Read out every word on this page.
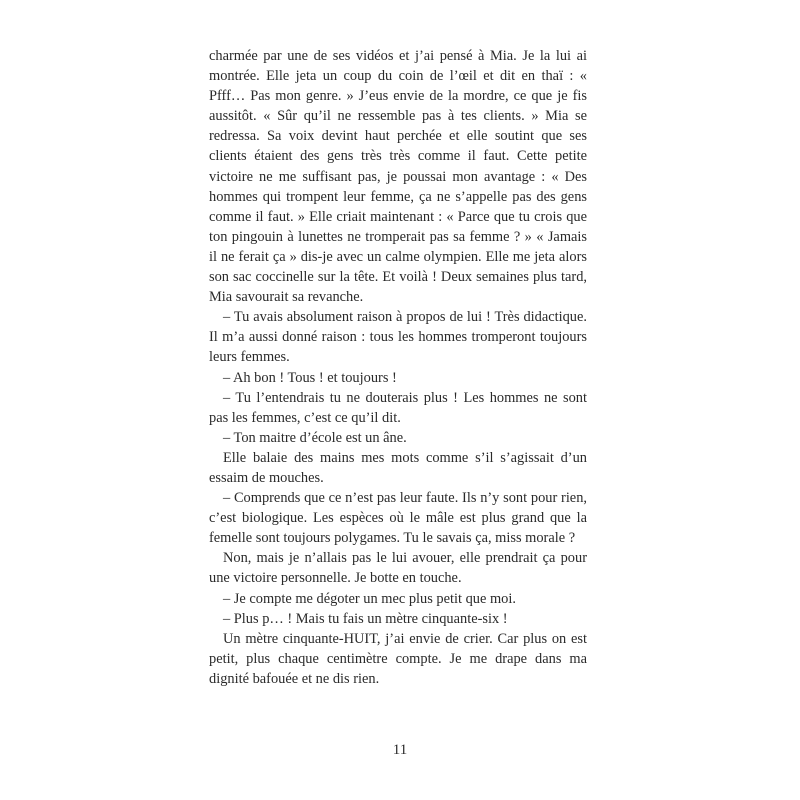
charmée par une de ses vidéos et j’ai pensé à Mia. Je la lui ai montrée. Elle jeta un coup du coin de l’œil et dit en thaï : « Pfff… Pas mon genre. » J’eus envie de la mordre, ce que je fis aussitôt. « Sûr qu’il ne ressemble pas à tes clients. » Mia se redressa. Sa voix devint haut perchée et elle soutint que ses clients étaient des gens très très comme il faut. Cette petite victoire ne me suffisant pas, je poussai mon avantage : « Des hommes qui trompent leur femme, ça ne s’appelle pas des gens comme il faut. » Elle criait maintenant : « Parce que tu crois que ton pingouin à lunettes ne tromperait pas sa femme ? » « Jamais il ne ferait ça » dis-je avec un calme olympien. Elle me jeta alors son sac coccinelle sur la tête. Et voilà ! Deux semaines plus tard, Mia savourait sa revanche.

– Tu avais absolument raison à propos de lui ! Très didactique. Il m’a aussi donné raison : tous les hommes tromperont toujours leurs femmes.

– Ah bon ! Tous ! et toujours !

– Tu l’entendrais tu ne douterais plus ! Les hommes ne sont pas les femmes, c’est ce qu’il dit.

– Ton maitre d’école est un âne.

Elle balaie des mains mes mots comme s’il s’agissait d’un essaim de mouches.

– Comprends que ce n’est pas leur faute. Ils n’y sont pour rien, c’est biologique. Les espèces où le mâle est plus grand que la femelle sont toujours polygames. Tu le savais ça, miss morale ?

Non, mais je n’allais pas le lui avouer, elle prendrait ça pour une victoire personnelle. Je botte en touche.

– Je compte me dégoter un mec plus petit que moi.

– Plus p… ! Mais tu fais un mètre cinquante-six !

Un mètre cinquante-HUIT, j’ai envie de crier. Car plus on est petit, plus chaque centimètre compte. Je me drape dans ma dignité bafouée et ne dis rien.

11
